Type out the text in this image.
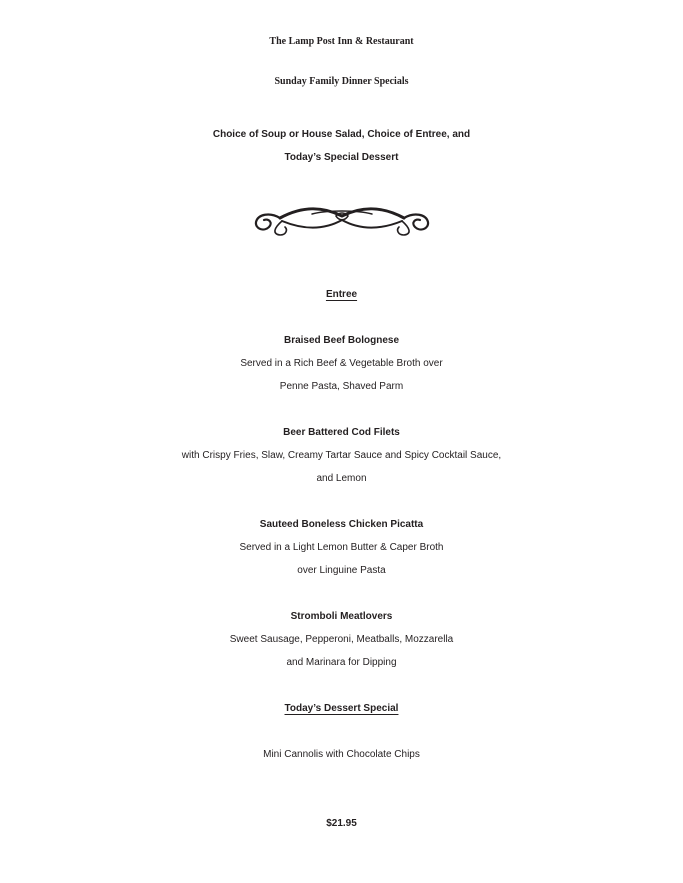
The Lamp Post Inn & Restaurant
Sunday Family Dinner Specials
Choice of Soup or House Salad, Choice of Entree, and
Today’s Special Dessert
Entree
Braised Beef Bolognese
Served in a Rich Beef & Vegetable Broth over
Penne Pasta, Shaved Parm
Beer Battered Cod Filets
with Crispy Fries, Slaw, Creamy Tartar Sauce and Spicy Cocktail Sauce,
and Lemon
Sauteed Boneless Chicken Picatta
Served in a Light Lemon Butter & Caper Broth
over Linguine Pasta
Stromboli Meatlovers
Sweet Sausage, Pepperoni, Meatballs, Mozzarella
and Marinara for Dipping
Today’s Dessert Special
Mini Cannolis with Chocolate Chips
$21.95
